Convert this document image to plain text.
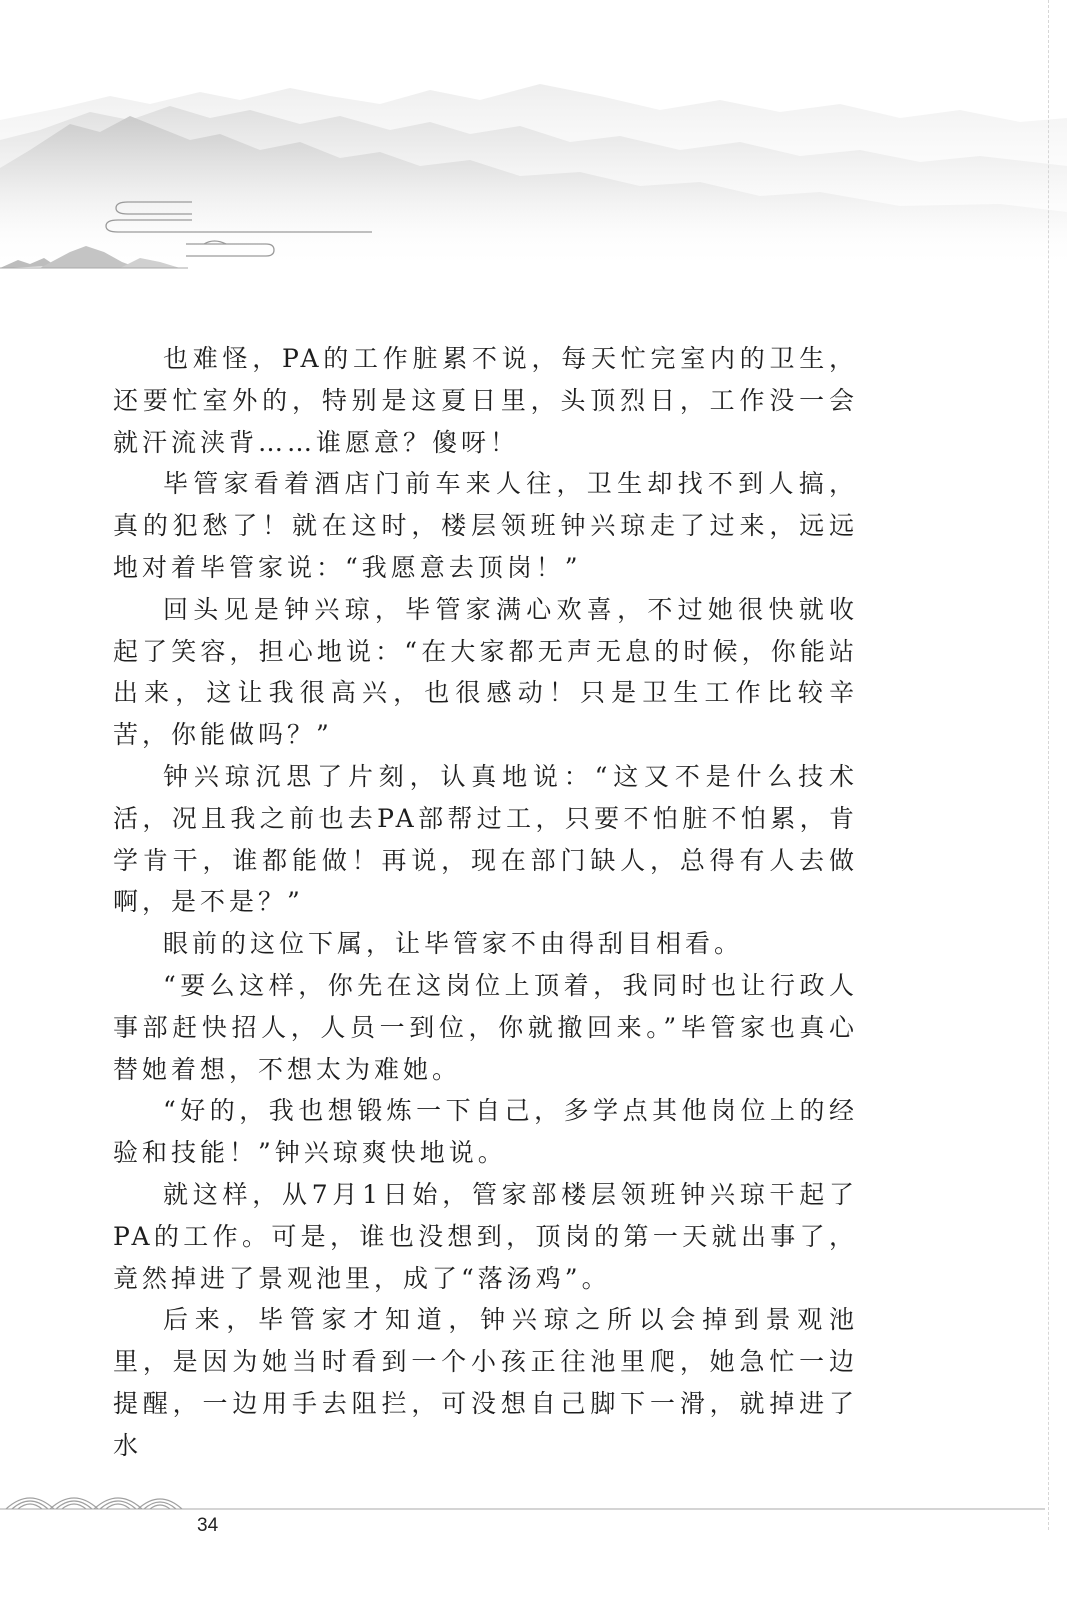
也难怪，PA的工作脏累不说，每天忙完室内的卫生，还要忙室外的，特别是这夏日里，头顶烈日，工作没一会就汗流浃背……谁愿意？傻呀！

毕管家看着酒店门前车来人往，卫生却找不到人搞，真的犯愁了！就在这时，楼层领班钟兴琼走了过来，远远地对着毕管家说：“我愿意去顶岗！”

回头见是钟兴琼，毕管家满心欢喜，不过她很快就收起了笑容，担心地说：“在大家都无声无息的时候，你能站出来，这让我很高兴，也很感动！只是卫生工作比较辛苦，你能做吗？”

钟兴琼沉思了片刻，认真地说：“这又不是什么技术活，况且我之前也去PA部帮过工，只要不怕脏不怕累，肯学肯干，谁都能做！再说，现在部门缺人，总得有人去做啊，是不是？”

眼前的这位下属，让毕管家不由得刮目相看。

“要么这样，你先在这岗位上顶着，我同时也让行政人事部赶快招人，人员一到位，你就撤回来。”毕管家也真心替她着想，不想太为难她。

“好的，我也想锻炼一下自己，多学点其他岗位上的经验和技能！”钟兴琼爽快地说。

就这样，从7月1日始，管家部楼层领班钟兴琼干起了PA的工作。可是，谁也没想到，顶岗的第一天就出事了，竟然掉进了景观池里，成了“落汤鸡”。

后来，毕管家才知道，钟兴琼之所以会掉到景观池里，是因为她当时看到一个小孩正往池里爬，她急忙一边提醒，一边用手去阻拦，可没想自己脚下一滑，就掉进了水

34
